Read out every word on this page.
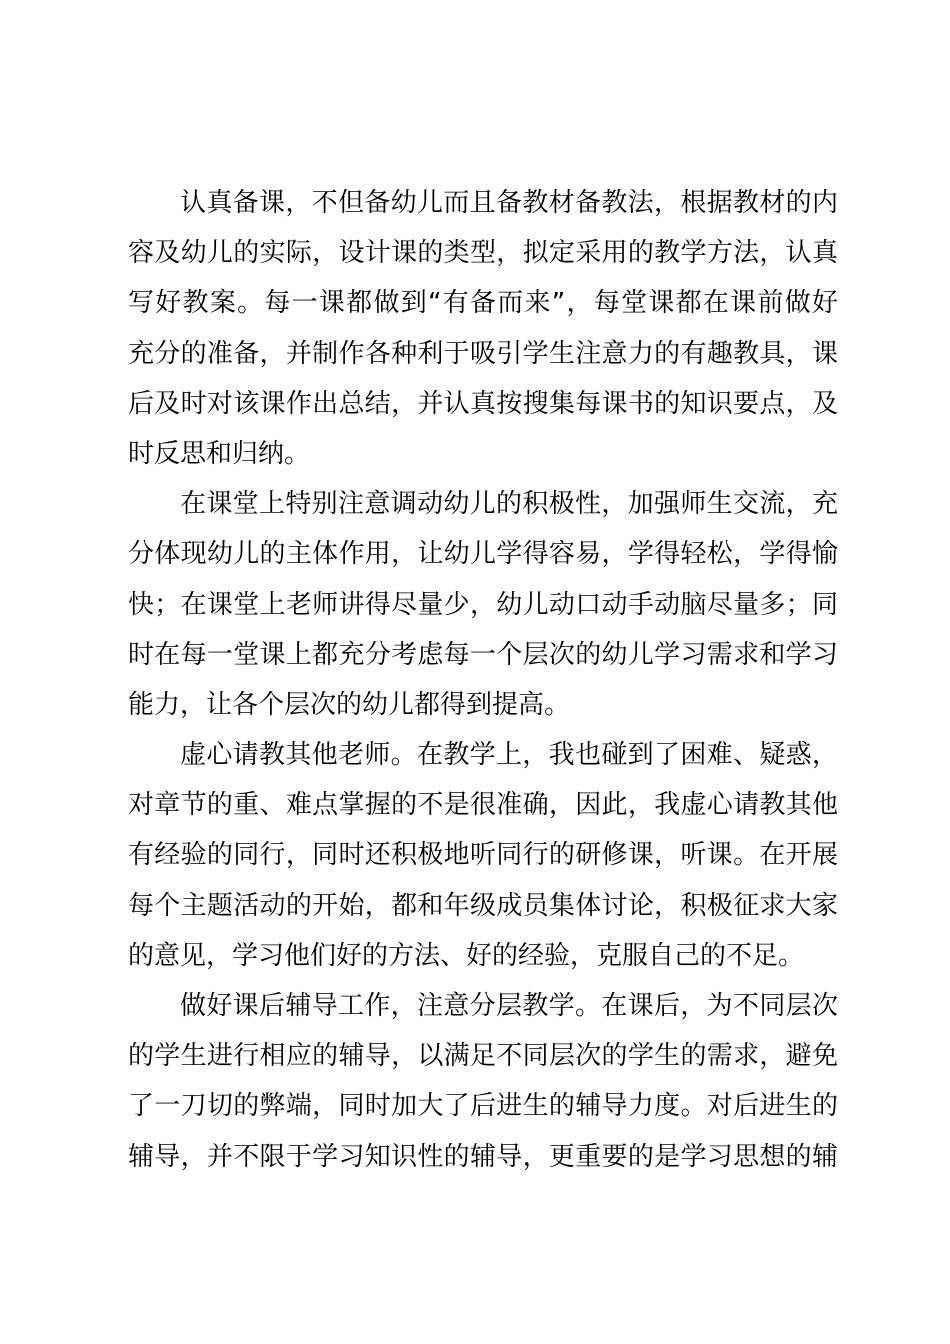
认真备课，不但备幼儿而且备教材备教法，根据教材的内
容及幼儿的实际，设计课的类型，拟定采用的教学方法，认真
写好教案。每一课都做到“有备而来”，每堂课都在课前做好
充分的准备，并制作各种利于吸引学生注意力的有趣教具，课
后及时对该课作出总结，并认真按搜集每课书的知识要点，及
时反思和归纳。
在课堂上特别注意调动幼儿的积极性，加强师生交流，充
分体现幼儿的主体作用，让幼儿学得容易，学得轻松，学得愉
快；在课堂上老师讲得尽量少，幼儿动口动手动脑尽量多；同
时在每一堂课上都充分考虑每一个层次的幼儿学习需求和学习
能力，让各个层次的幼儿都得到提高。
虚心请教其他老师。在教学上，我也碰到了困难、疑惑，
对章节的重、难点掌握的不是很准确，因此，我虚心请教其他
有经验的同行，同时还积极地听同行的研修课，听课。在开展
每个主题活动的开始，都和年级成员集体讨论，积极征求大家
的意见，学习他们好的方法、好的经验，克服自己的不足。
做好课后辅导工作，注意分层教学。在课后，为不同层次
的学生进行相应的辅导，以满足不同层次的学生的需求，避免
了一刀切的弊端，同时加大了后进生的辅导力度。对后进生的
辅导，并不限于学习知识性的辅导，更重要的是学习思想的辅
